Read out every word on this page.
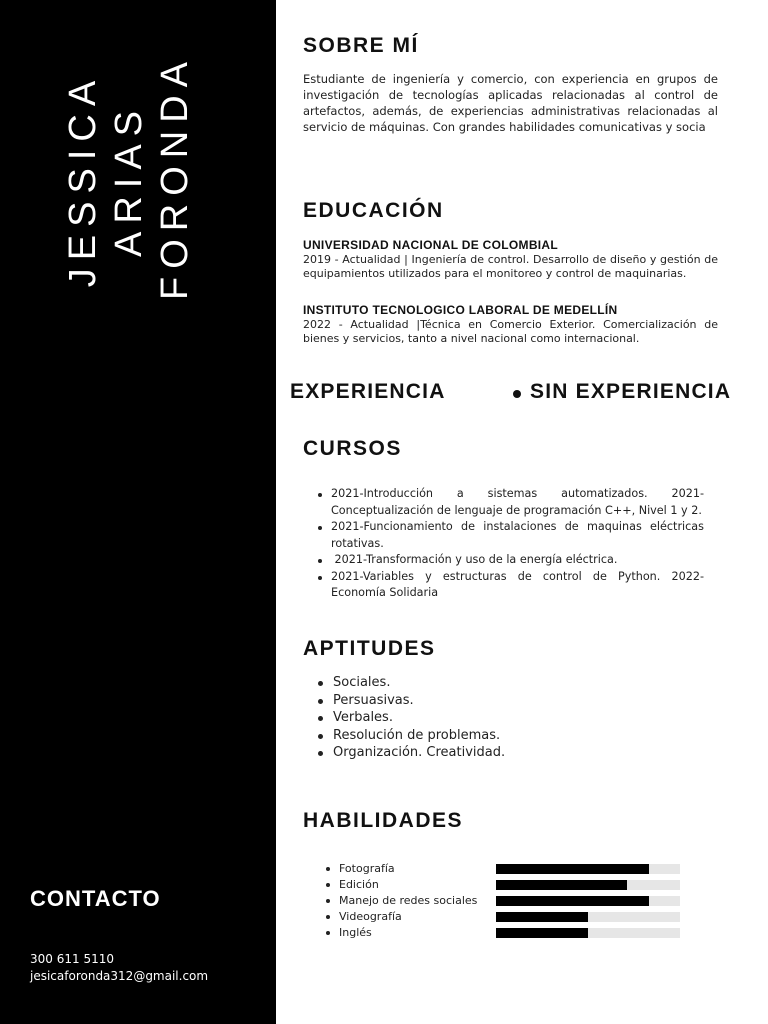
JESSICA ARIAS FORONDA
CONTACTO
300 611 5110
jesicaforonda312@gmail.com
SOBRE MÍ

Estudiante de ingeniería y comercio, con experiencia en grupos de investigación de tecnologías aplicadas relacionadas al control de artefactos, además, de experiencias administrativas relacionadas al servicio de máquinas. Con grandes habilidades comunicativas y socia

EDUCACIÓN
UNIVERSIDAD NACIONAL DE COLOMBIAL
2019 - Actualidad | Ingeniería de control. Desarrollo de diseño y gestión de equipamientos utilizados para el monitoreo y control de maquinarias.
INSTITUTO TECNOLOGICO LABORAL DE MEDELLÍN
2022 - Actualidad |Técnica en Comercio Exterior. Comercialización de bienes y servicios, tanto a nivel nacional como internacional.
EXPERIENCIA	SIN EXPERIENCIA
CURSOS
2021-Introducción a sistemas automatizados. 2021-Conceptualización de lenguaje de programación C++, Nivel 1 y 2.
2021-Funcionamiento de instalaciones de maquinas eléctricas rotativas.
2021-Transformación y uso de la energía eléctrica.
2021-Variables y estructuras de control de Python. 2022-Economía Solidaria
APTITUDES
Sociales.
Persuasivas.
Verbales.
Resolución de problemas.
Organización. Creatividad.
HABILIDADES
Fotografía
Edición
Manejo de redes sociales
Videografía
Inglés
